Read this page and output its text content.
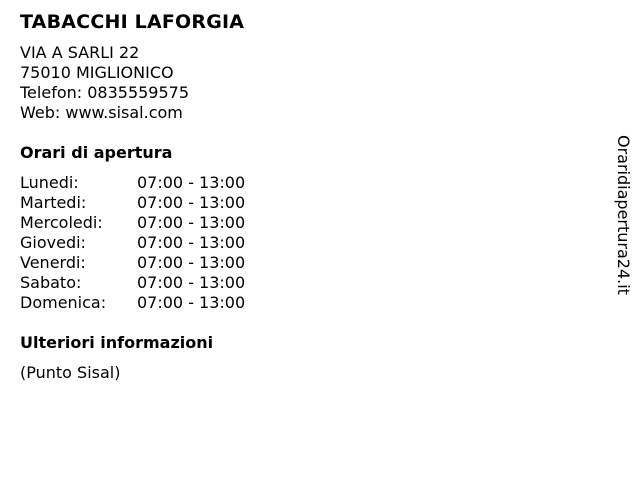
TABACCHI LAFORGIA
VIA A SARLI 22
75010 MIGLIONICO
Telefon: 0835559575
Web: www.sisal.com
Orari di apertura
Lunedi:	07:00 - 13:00
Martedi:	07:00 - 13:00
Mercoledi:	07:00 - 13:00
Giovedi:	07:00 - 13:00
Venerdi:	07:00 - 13:00
Sabato:	07:00 - 13:00
Domenica:	07:00 - 13:00
Ulteriori informazioni
(Punto Sisal)
Oraridiapertura24.it
